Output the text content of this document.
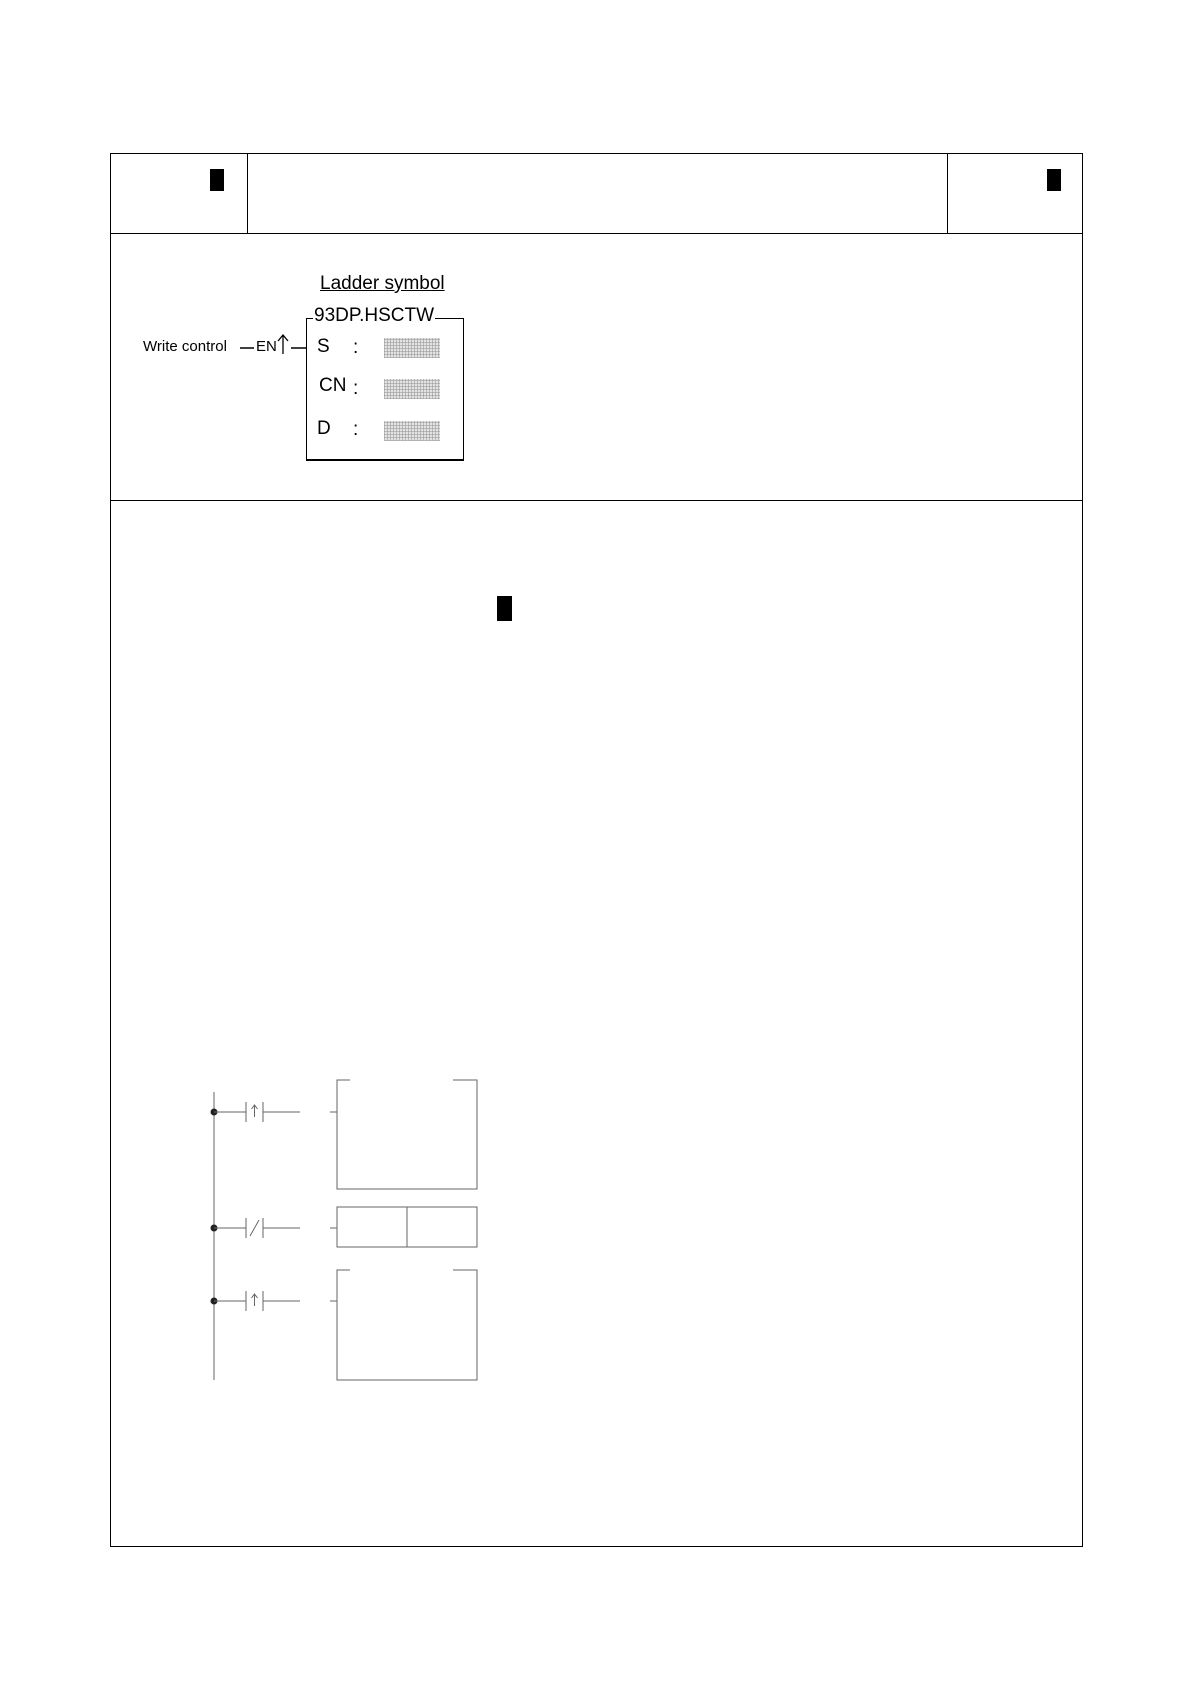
Ladder symbol
93DP.HSCTW
Write control EN S :
CN :
D :
